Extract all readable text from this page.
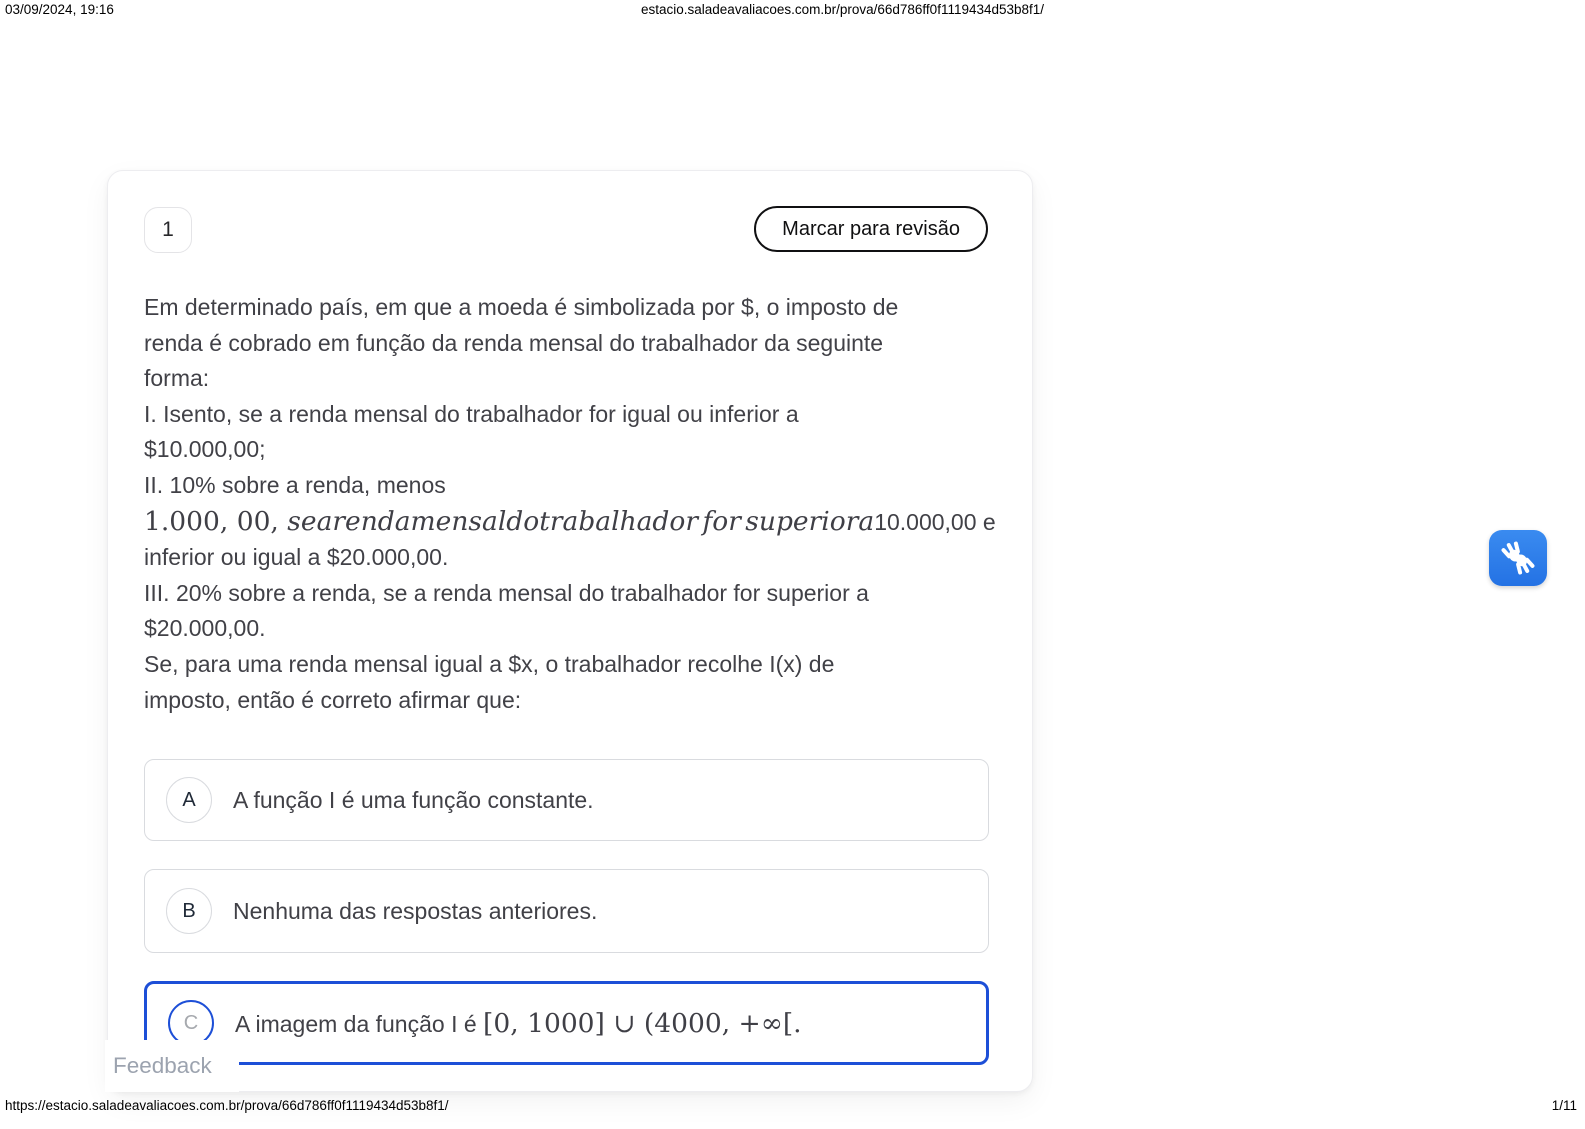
03/09/2024, 19:16	estacio.saladeavaliacoes.com.br/prova/66d786ff0f1119434d53b8f1/
1	Marcar para revisão
Em determinado país, em que a moeda é simbolizada por $, o imposto de
renda é cobrado em função da renda mensal do trabalhador da seguinte
forma:
I. Isento, se a renda mensal do trabalhador for igual ou inferior a
$10.000,00;
II. 10% sobre a renda, menos
1.000, 00, searendamensaldotrabalhador for superiora10.000,00 e
inferior ou igual a $20.000,00.
III. 20% sobre a renda, se a renda mensal do trabalhador for superior a
$20.000,00.
Se, para uma renda mensal igual a $x, o trabalhador recolhe I(x) de
imposto, então é correto afirmar que:
A	A função I é uma função constante.
B	Nenhuma das respostas anteriores.
C	A imagem da função I é [0, 1000] ∪ (4000, +∞[.
Feedback
https://estacio.saladeavaliacoes.com.br/prova/66d786ff0f1119434d53b8f1/	1/11
